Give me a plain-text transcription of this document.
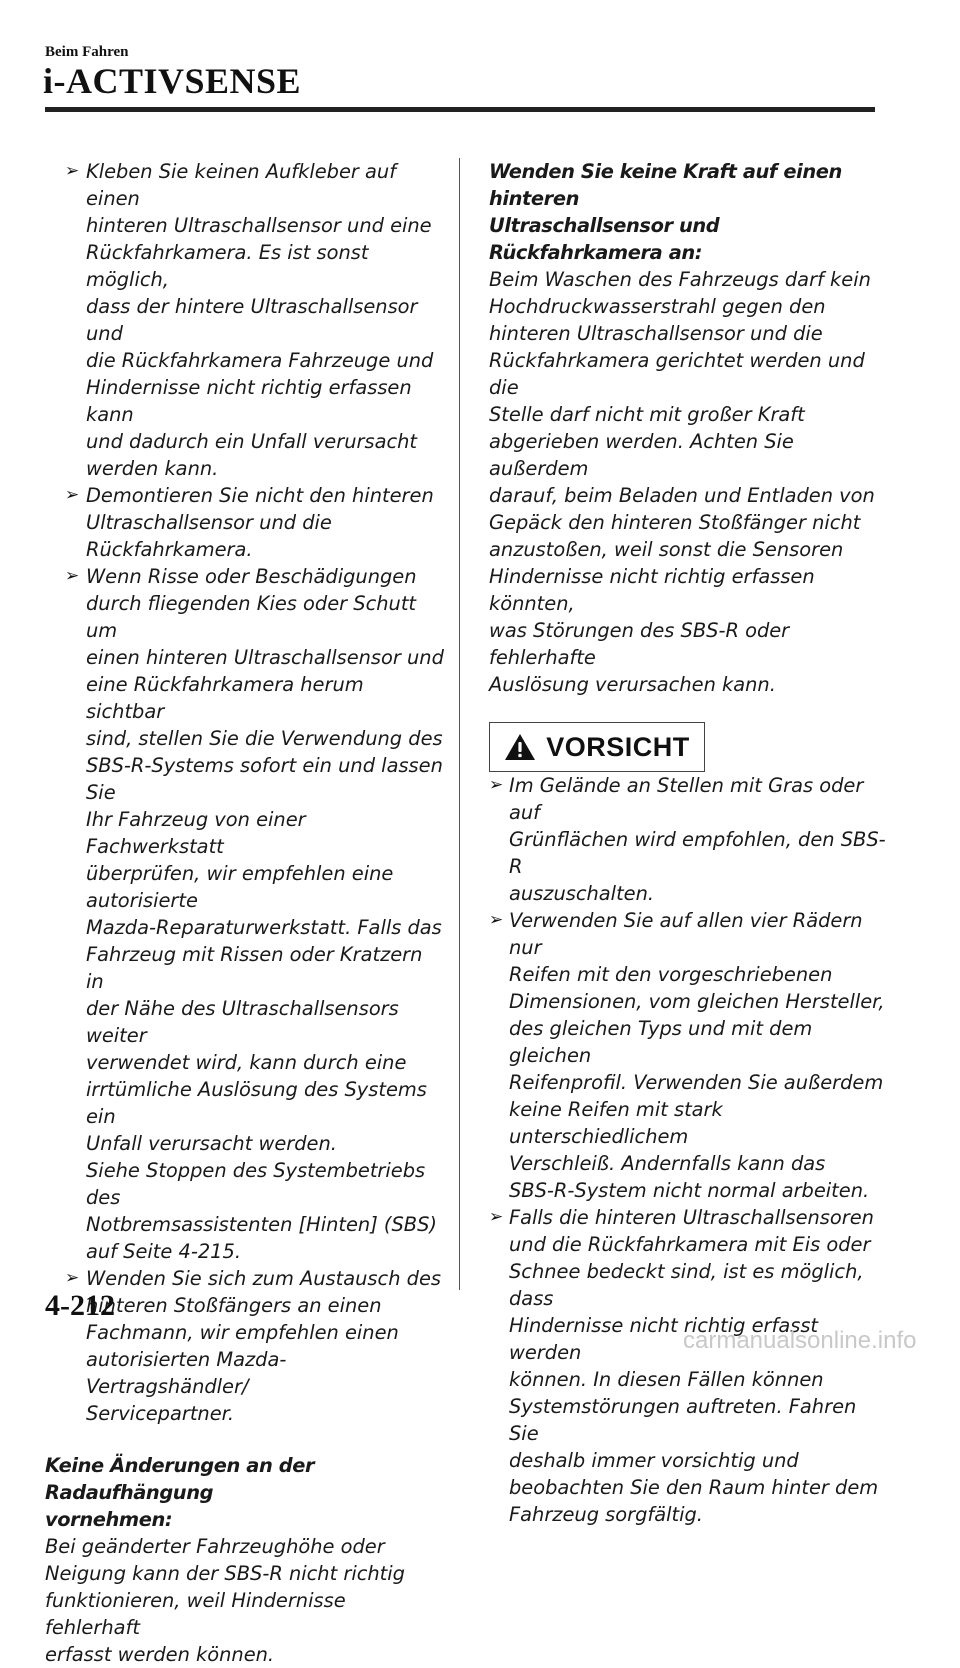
Beim Fahren
i-ACTIVSENSE
➢ Kleben Sie keinen Aufkleber auf einen
hinteren Ultraschallsensor und eine
Rückfahrkamera. Es ist sonst möglich,
dass der hintere Ultraschallsensor und
die Rückfahrkamera Fahrzeuge und
Hindernisse nicht richtig erfassen kann
und dadurch ein Unfall verursacht
werden kann.
➢ Demontieren Sie nicht den hinteren
Ultraschallsensor und die
Rückfahrkamera.
➢ Wenn Risse oder Beschädigungen
durch fliegenden Kies oder Schutt um
einen hinteren Ultraschallsensor und
eine Rückfahrkamera herum sichtbar
sind, stellen Sie die Verwendung des
SBS-R-Systems sofort ein und lassen Sie
Ihr Fahrzeug von einer Fachwerkstatt
überprüfen, wir empfehlen eine
autorisierte
Mazda-Reparaturwerkstatt. Falls das
Fahrzeug mit Rissen oder Kratzern in
der Nähe des Ultraschallsensors weiter
verwendet wird, kann durch eine
irrtümliche Auslösung des Systems ein
Unfall verursacht werden.
Siehe Stoppen des Systembetriebs des
Notbremsassistenten [Hinten] (SBS)
auf Seite 4-215.
➢ Wenden Sie sich zum Austausch des
hinteren Stoßfängers an einen
Fachmann, wir empfehlen einen
autorisierten Mazda-Vertragshändler/
Servicepartner.
Keine Änderungen an der Radaufhängung
vornehmen:
Bei geänderter Fahrzeughöhe oder
Neigung kann der SBS-R nicht richtig
funktionieren, weil Hindernisse fehlerhaft
erfasst werden können.
Wenden Sie keine Kraft auf einen hinteren
Ultraschallsensor und Rückfahrkamera an:
Beim Waschen des Fahrzeugs darf kein
Hochdruckwasserstrahl gegen den
hinteren Ultraschallsensor und die
Rückfahrkamera gerichtet werden und die
Stelle darf nicht mit großer Kraft
abgerieben werden. Achten Sie außerdem
darauf, beim Beladen und Entladen von
Gepäck den hinteren Stoßfänger nicht
anzustoßen, weil sonst die Sensoren
Hindernisse nicht richtig erfassen könnten,
was Störungen des SBS-R oder fehlerhafte
Auslösung verursachen kann.
VORSICHT
➢ Im Gelände an Stellen mit Gras oder auf
Grünflächen wird empfohlen, den SBS-R
auszuschalten.
➢ Verwenden Sie auf allen vier Rädern nur
Reifen mit den vorgeschriebenen
Dimensionen, vom gleichen Hersteller,
des gleichen Typs und mit dem gleichen
Reifenprofil. Verwenden Sie außerdem
keine Reifen mit stark unterschiedlichem
Verschleiß. Andernfalls kann das
SBS-R-System nicht normal arbeiten.
➢ Falls die hinteren Ultraschallsensoren
und die Rückfahrkamera mit Eis oder
Schnee bedeckt sind, ist es möglich, dass
Hindernisse nicht richtig erfasst werden
können. In diesen Fällen können
Systemstörungen auftreten. Fahren Sie
deshalb immer vorsichtig und
beobachten Sie den Raum hinter dem
Fahrzeug sorgfältig.
4-212
carmanualsonline.info
